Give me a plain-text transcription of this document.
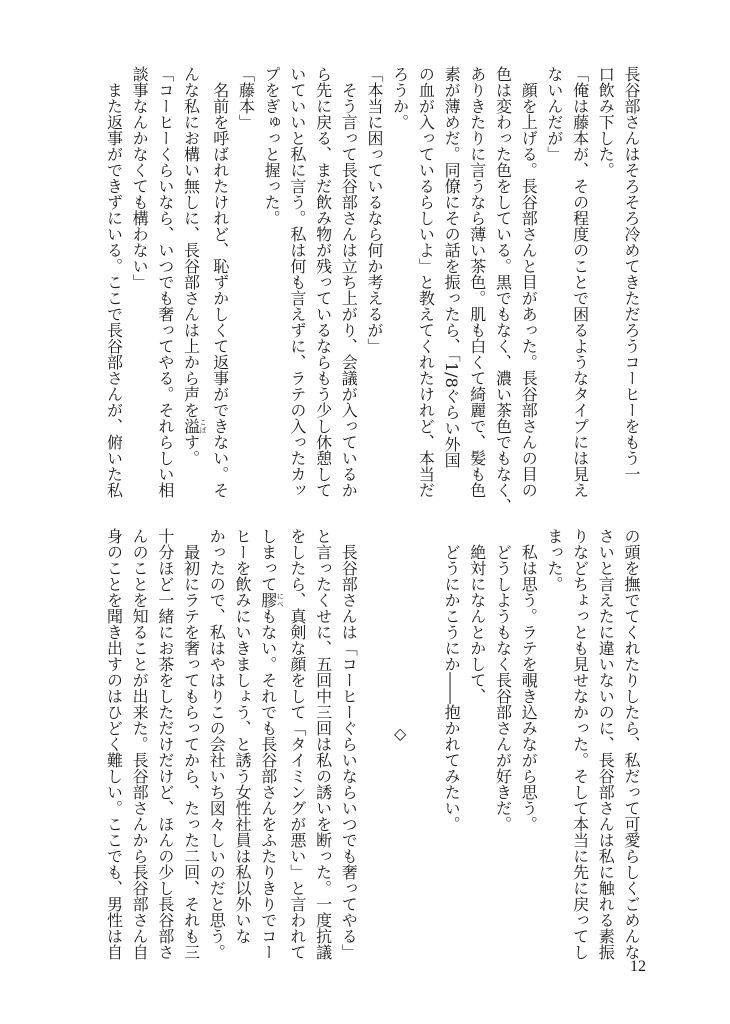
長谷部さんはそろそろ冷めてきただろうコーヒーをもう一
口飲み下した。
「俺は藤本が、その程度のことで困るようなタイプには見え
ないんだが」
　顔を上げる。長谷部さんと目があった。長谷部さんの目の
色は変わった色をしている。黒でもなく、濃い茶色でもなく、
ありきたりに言うなら薄い茶色。肌も白くて綺麗で、髪も色
素が薄めだ。同僚にその話を振ったら、「1/8ぐらい外国
の血が入っているらしいよ」と教えてくれたけれど、本当だ
ろうか。
「本当に困っているなら何か考えるが」
　そう言って長谷部さんは立ち上がり、会議が入っているか
ら先に戻る、まだ飲み物が残っているならもう少し休憩して
いていいと私に言う。私は何も言えずに、ラテの入ったカッ
プをぎゅっと握った。
「藤本」
　名前を呼ばれたけれど、恥ずかしくて返事ができない。そ
んな私にお構い無しに、長谷部さんは上から声を溢こぼす。
「コーヒーくらいなら、いつでも奢ってやる。それらしい相
談事なんかなくても構わない」
　また返事ができずにいる。ここで長谷部さんが、俯いた私
の頭を撫でてくれたりしたら、私だって可愛らしくごめんな
さいと言えたに違いないのに、長谷部さんは私に触れる素振
りなどちょっとも見せなかった。そして本当に先に戻ってし
まった。
　私は思う。ラテを覗き込みながら思う。
　どうしようもなく長谷部さんが好きだ。
　絶対になんとかして、
　どうにかこうにか――抱かれてみたい。
◇
　長谷部さんは「コーヒーぐらいならいつでも奢ってやる」
と言ったくせに、五回中三回は私の誘いを断った。一度抗議
をしたら、真剣な顔をして「タイミングが悪い」と言われて
しまって膠にべもない。それでも長谷部さんをふたりきりでコー
ヒーを飲みにいきましょう、と誘う女性社員は私以外いな
かったので、私はやはりこの会社いち図々しいのだと思う。
　最初にラテを奢ってもらってから、たった二回、それも三
十分ほど一緒にお茶をしただけだけど、ほんの少し長谷部さ
んのことを知ることが出来た。長谷部さんから長谷部さん自
身のことを聞き出すのはひどく難しい。ここでも、男性は自
12
